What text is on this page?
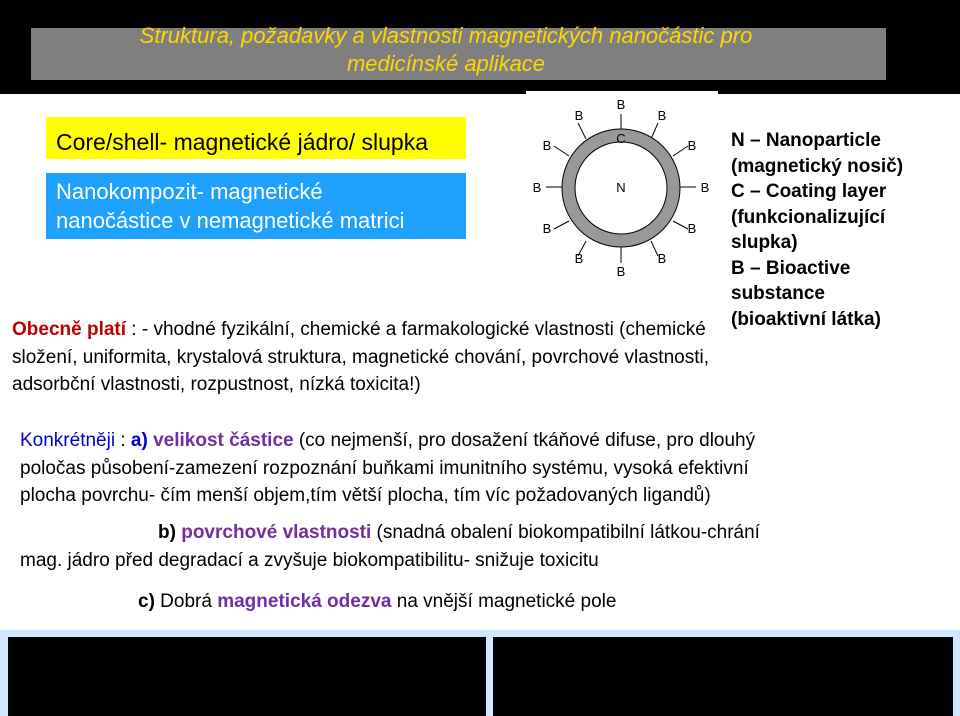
Struktura, požadavky a vlastnosti magnetických nanočástic pro
medicínské aplikace
Core/shell- magnetické jádro/ slupka
Nanokompozit- magnetické
nanočástice v nemagnetické matrici
N
C
B
B	B
B	B
B	B
B	B
B	B
B
N – Nanoparticle
(magnetický nosič)
C – Coating layer
(funkcionalizující
slupka)
B – Bioactive
substance
(bioaktivní látka)
Obecně platí : - vhodné fyzikální, chemické a farmakologické vlastnosti (chemické
složení, uniformita, krystalová struktura, magnetické chování, povrchové vlastnosti,
adsorbční vlastnosti, rozpustnost, nízká toxicita!)
Konkrétněji : a) velikost částice (co nejmenší, pro dosažení tkáňové difuse, pro dlouhý
poločas působení-zamezení rozpoznání buňkami imunitního systému, vysoká efektivní
plocha povrchu- čím menší objem,tím větší plocha, tím víc požadovaných ligandů)
b) povrchové vlastnosti (snadná obalení biokompatibilní látkou-chrání
mag. jádro před degradací a zvyšuje biokompatibilitu- snižuje toxicitu
c) Dobrá magnetická odezva na vnější magnetické pole
